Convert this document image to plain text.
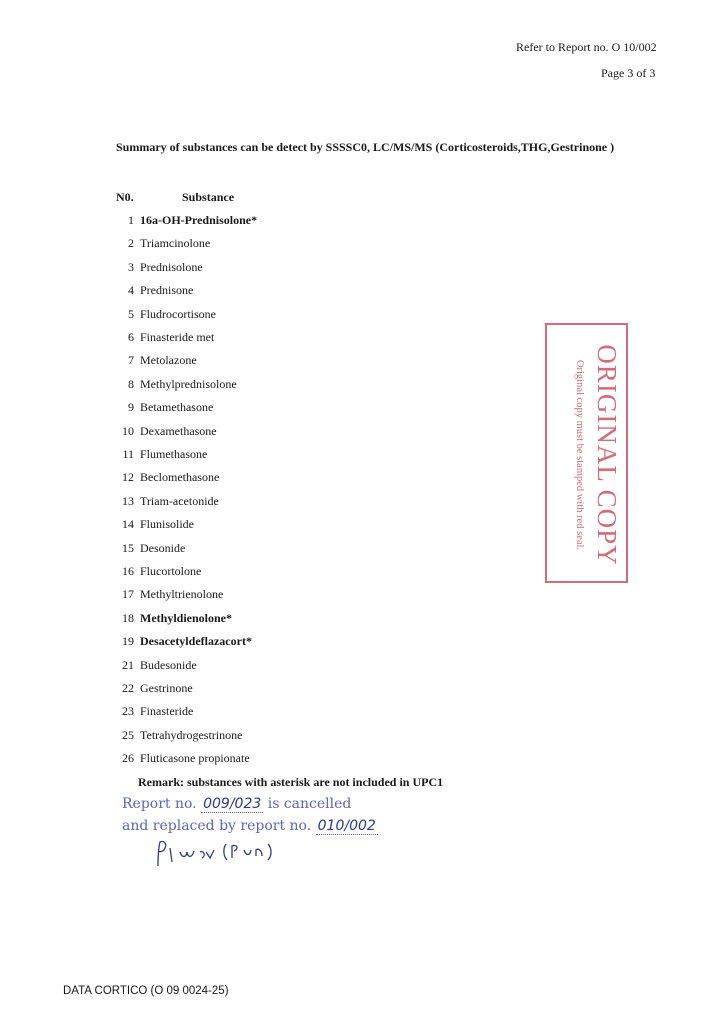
Refer to Report no. O 10/002
Page 3 of 3
Summary of substances can be detect by SSSSC0, LC/MS/MS (Corticosteroids,THG,Gestrinone )
N0.	Substance
1 16a-OH-Prednisolone*
2 Triamcinolone
3 Prednisolone
4 Prednisone
5 Fludrocortisone
6 Finasteride met
7 Metolazone
8 Methylprednisolone
9 Betamethasone
10 Dexamethasone
11 Flumethasone
12 Beclomethasone
13 Triam-acetonide
14 Flunisolide
15 Desonide
16 Flucortolone
17 Methyltrienolone
18 Methyldienolone*
19 Desacetyldeflazacort*
21 Budesonide
22 Gestrinone
23 Finasteride
25 Tetrahydrogestrinone
26 Fluticasone propionate
Remark: substances with asterisk are not included in UPC1
Report no. 009/023 is cancelled
and replaced by report no. 010/002
ORIGINAL COPY
Original copy must be stamped with red seal.
DATA CORTICO (O 09 0024-25)
